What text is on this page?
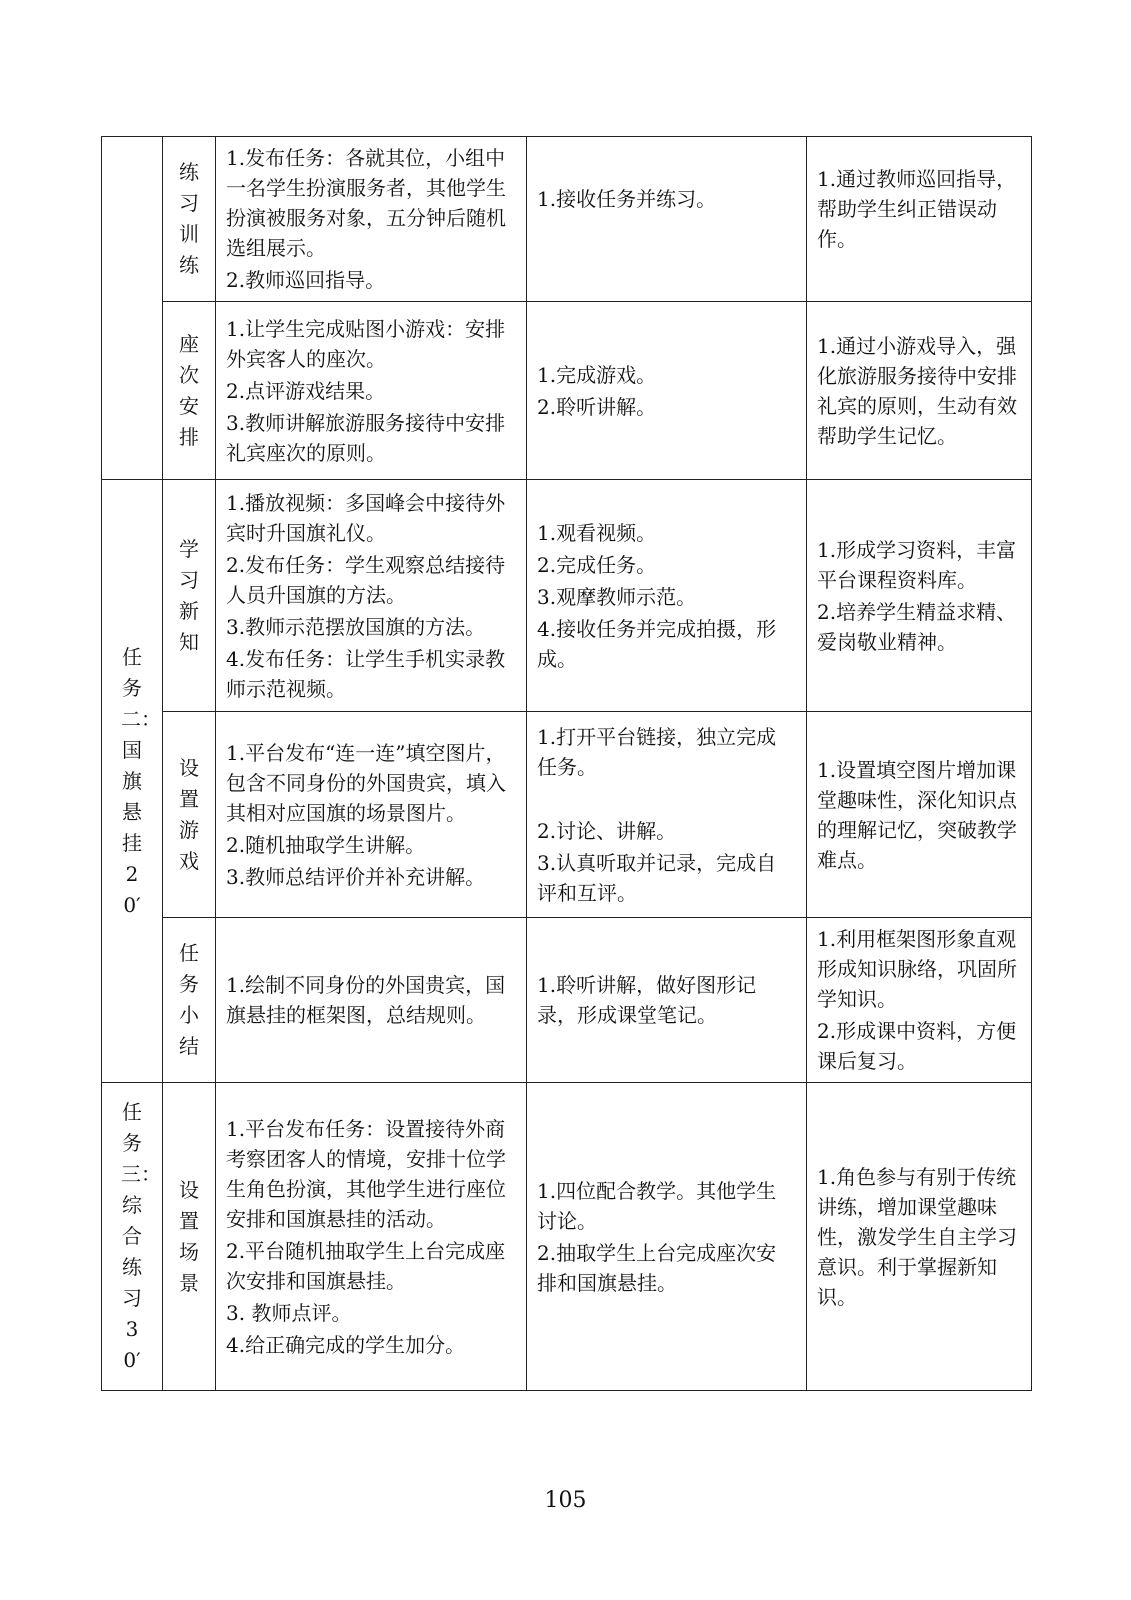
	练习训练	1.发布任务：各就其位，小组中一名学生扮演服务者，其他学生扮演被服务对象，五分钟后随机选组展示。
2.教师巡回指导。	1.接收任务并练习。	1.通过教师巡回指导，帮助学生纠正错误动作。

	座次安排	1.让学生完成贴图小游戏：安排外宾客人的座次。
2.点评游戏结果。
3.教师讲解旅游服务接待中安排礼宾座次的原则。	1.完成游戏。
2.聆听讲解。	1.通过小游戏导入，强化旅游服务接待中安排礼宾的原则，生动有效帮助学生记忆。

任务二：国旗悬挂20′	学习新知	1.播放视频：多国峰会中接待外宾时升国旗礼仪。
2.发布任务：学生观察总结接待人员升国旗的方法。
3.教师示范摆放国旗的方法。
4.发布任务：让学生手机实录教师示范视频。	1.观看视频。
2.完成任务。
3.观摩教师示范。
4.接收任务并完成拍摄，形成。	1.形成学习资料，丰富平台课程资料库。
2.培养学生精益求精、爱岗敬业精神。

	设置游戏	1.平台发布“连一连”填空图片，包含不同身份的外国贵宾，填入其相对应国旗的场景图片。
2.随机抽取学生讲解。
3.教师总结评价并补充讲解。	1.打开平台链接，独立完成任务。
2.讨论、讲解。
3.认真听取并记录，完成自评和互评。	1.设置填空图片增加课堂趣味性，深化知识点的理解记忆，突破教学难点。

	任务小结	1.绘制不同身份的外国贵宾，国旗悬挂的框架图，总结规则。	1.聆听讲解，做好图形记录，形成课堂笔记。	1.利用框架图形象直观形成知识脉络，巩固所学知识。
2.形成课中资料，方便课后复习。

任务三：综合练习30′	设置场景	1.平台发布任务：设置接待外商考察团客人的情境，安排十位学生角色扮演，其他学生进行座位安排和国旗悬挂的活动。
2.平台随机抽取学生上台完成座次安排和国旗悬挂。
3. 教师点评。
4.给正确完成的学生加分。	1.四位配合教学。其他学生讨论。
2.抽取学生上台完成座次安排和国旗悬挂。	1.角色参与有别于传统讲练，增加课堂趣味性，激发学生自主学习意识。利于掌握新知识。
105
